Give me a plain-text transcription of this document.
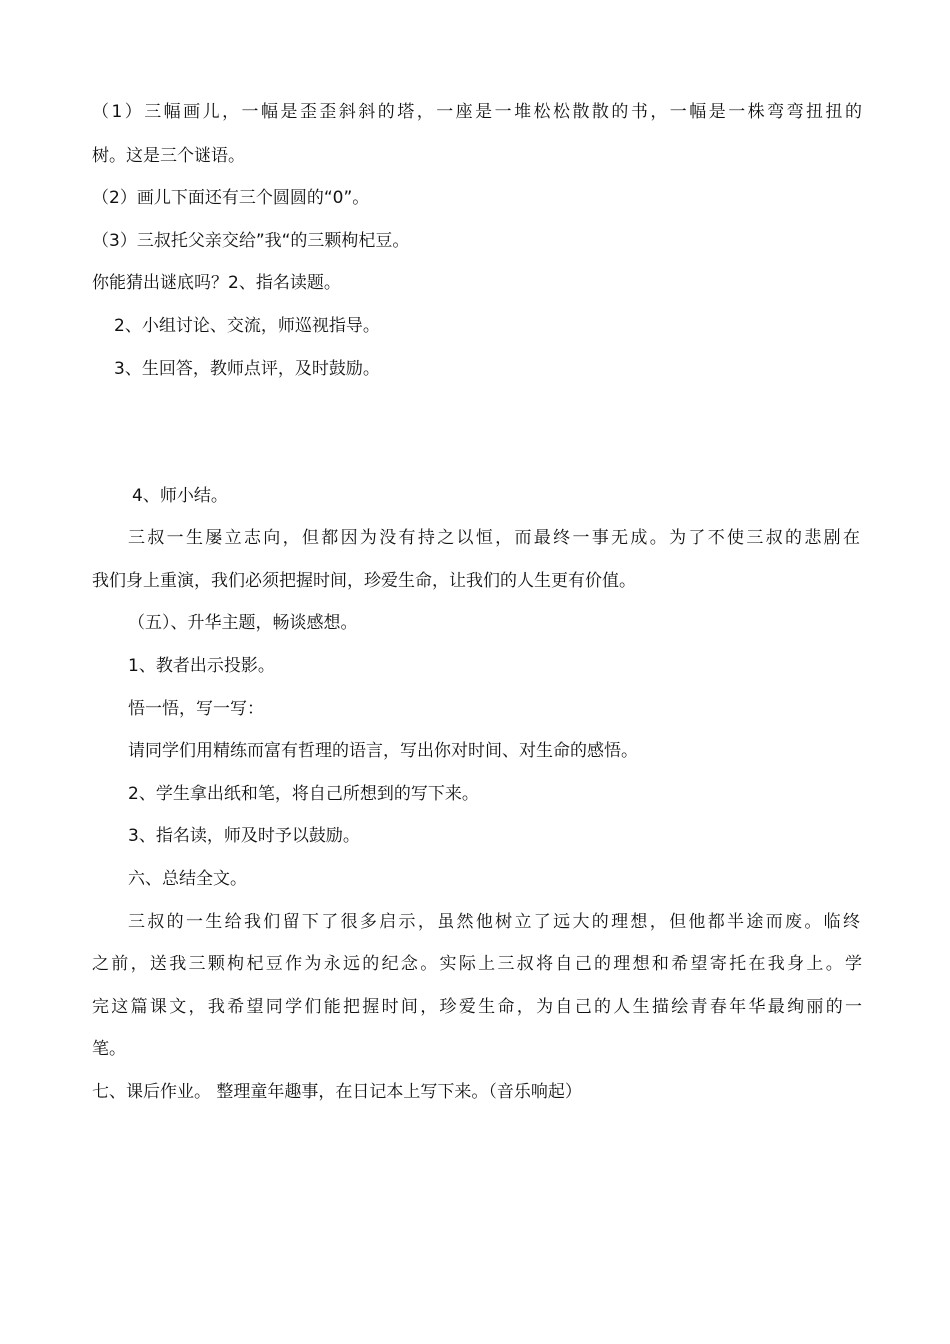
（1）三幅画儿，一幅是歪歪斜斜的塔，一座是一堆松松散散的书，一幅是一株弯弯扭扭的
树。这是三个谜语。
（2）画儿下面还有三个圆圆的“0”。
（3）三叔托父亲交给”我“的三颗枸杞豆。
你能猜出谜底吗？2、指名读题。
2、小组讨论、交流，师巡视指导。
3、生回答，教师点评，及时鼓励。
4、师小结。
三叔一生屡立志向，但都因为没有持之以恒，而最终一事无成。为了不使三叔的悲剧在
我们身上重演，我们必须把握时间，珍爱生命，让我们的人生更有价值。
（五）、升华主题，畅谈感想。
1、教者出示投影。
悟一悟，写一写：
请同学们用精练而富有哲理的语言，写出你对时间、对生命的感悟。
2、学生拿出纸和笔，将自己所想到的写下来。
3、指名读，师及时予以鼓励。
六、总结全文。
三叔的一生给我们留下了很多启示，虽然他树立了远大的理想，但他都半途而废。临终
之前，送我三颗枸杞豆作为永远的纪念。实际上三叔将自己的理想和希望寄托在我身上。学
完这篇课文，我希望同学们能把握时间，珍爱生命，为自己的人生描绘青春年华最绚丽的一
笔。
七、课后作业。 整理童年趣事，在日记本上写下来。（音乐响起）
